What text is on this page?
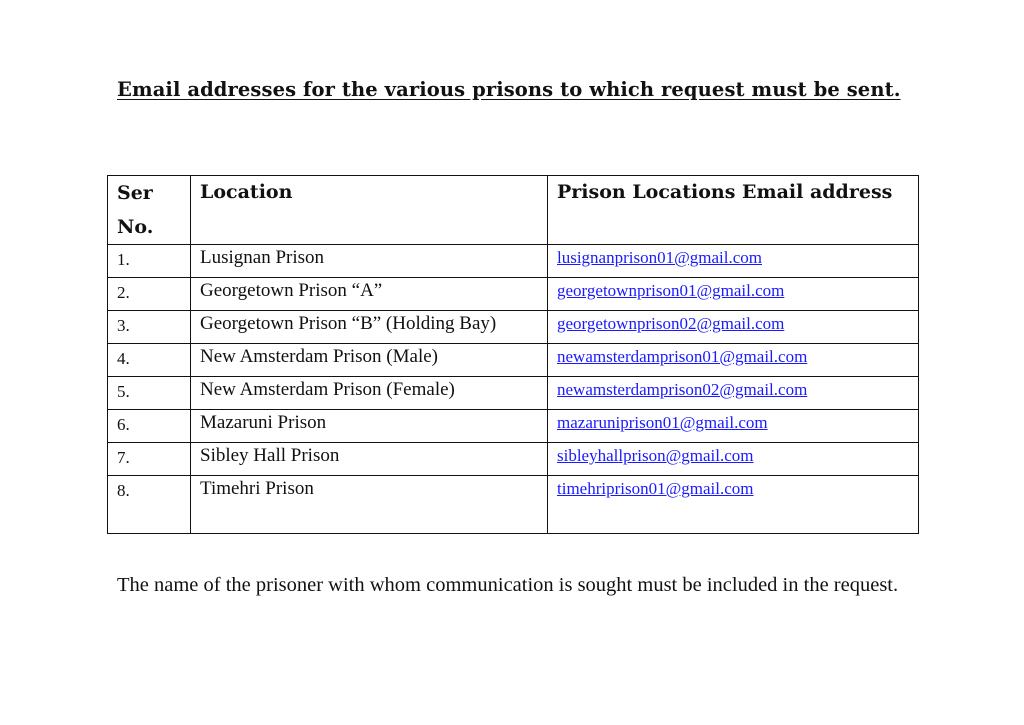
Email addresses for the various prisons to which request must be sent.
Ser
No.	Location	Prison Locations Email address
1.	Lusignan Prison	lusignanprison01@gmail.com
2.	Georgetown Prison “A”	georgetownprison01@gmail.com
3.	Georgetown Prison “B” (Holding Bay)	georgetownprison02@gmail.com
4.	New Amsterdam Prison (Male)	newamsterdamprison01@gmail.com
5.	New Amsterdam Prison (Female)	newamsterdamprison02@gmail.com
6.	Mazaruni Prison	mazaruniprison01@gmail.com
7.	Sibley Hall Prison	sibleyhallprison@gmail.com
8.	Timehri Prison	timehriprison01@gmail.com

The name of the prisoner with whom communication is sought must be included in the request.
